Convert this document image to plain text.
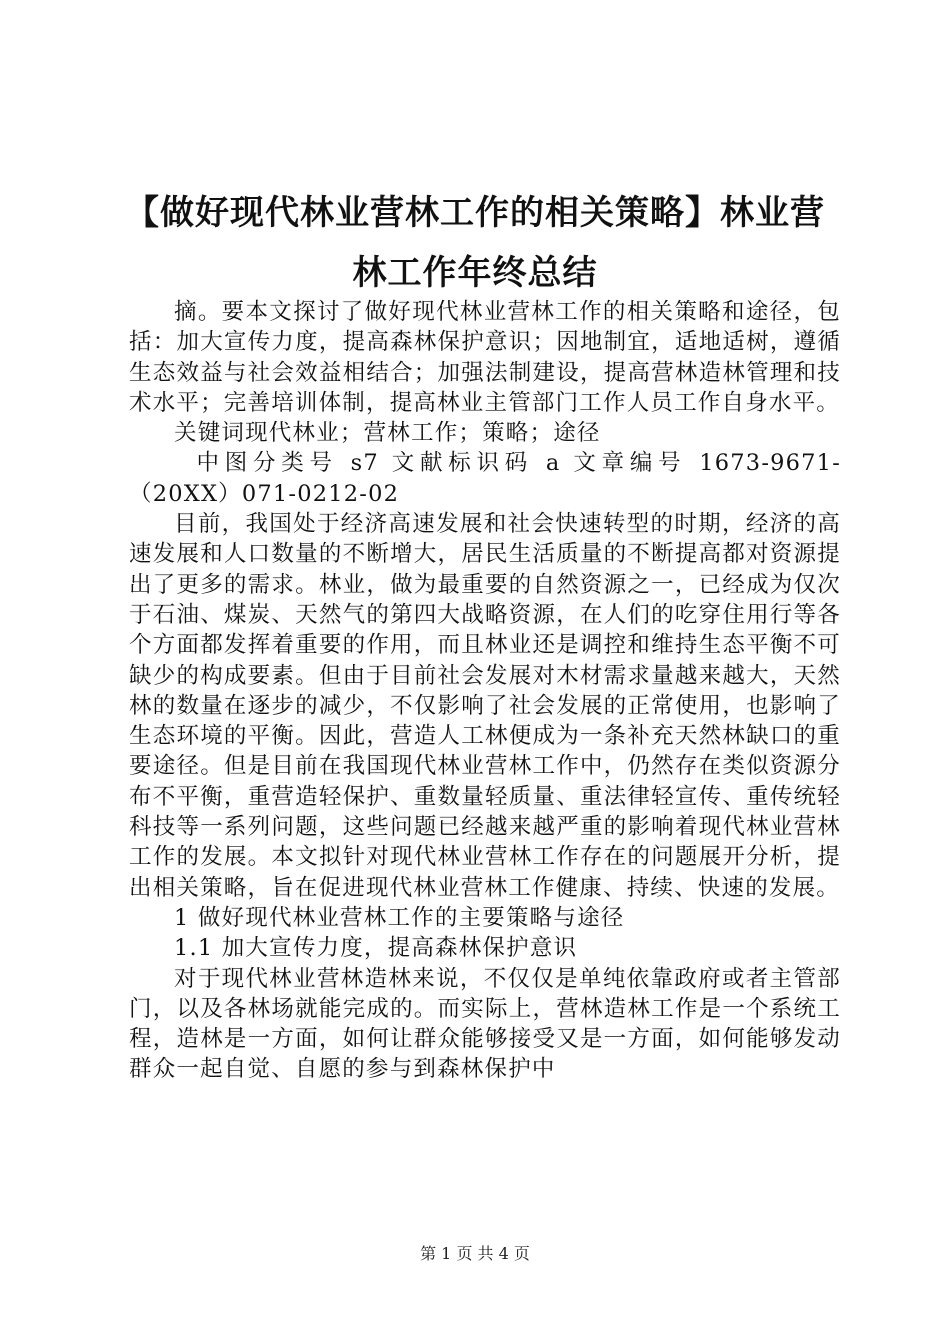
【做好现代林业营林工作的相关策略】林业营林工作年终总结

摘。要本文探讨了做好现代林业营林工作的相关策略和途径，包括：加大宣传力度，提高森林保护意识；因地制宜，适地适树，遵循生态效益与社会效益相结合；加强法制建设，提高营林造林管理和技术水平；完善培训体制，提高林业主管部门工作人员工作自身水平。

关键词现代林业；营林工作；策略；途径

中图分类号 s7 文献标识码 a 文章编号 1673-9671-（20XX）071-0212-02

目前，我国处于经济高速发展和社会快速转型的时期，经济的高速发展和人口数量的不断增大，居民生活质量的不断提高都对资源提出了更多的需求。林业，做为最重要的自然资源之一，已经成为仅次于石油、煤炭、天然气的第四大战略资源，在人们的吃穿住用行等各个方面都发挥着重要的作用，而且林业还是调控和维持生态平衡不可缺少的构成要素。但由于目前社会发展对木材需求量越来越大，天然林的数量在逐步的减少，不仅影响了社会发展的正常使用，也影响了生态环境的平衡。因此，营造人工林便成为一条补充天然林缺口的重要途径。但是目前在我国现代林业营林工作中，仍然存在类似资源分布不平衡，重营造轻保护、重数量轻质量、重法律轻宣传、重传统轻科技等一系列问题，这些问题已经越来越严重的影响着现代林业营林工作的发展。本文拟针对现代林业营林工作存在的问题展开分析，提出相关策略，旨在促进现代林业营林工作健康、持续、快速的发展。

1 做好现代林业营林工作的主要策略与途径

1.1 加大宣传力度，提高森林保护意识

对于现代林业营林造林来说，不仅仅是单纯依靠政府或者主管部门，以及各林场就能完成的。而实际上，营林造林工作是一个系统工程，造林是一方面，如何让群众能够接受又是一方面，如何能够发动群众一起自觉、自愿的参与到森林保护中

第 1 页 共 4 页
